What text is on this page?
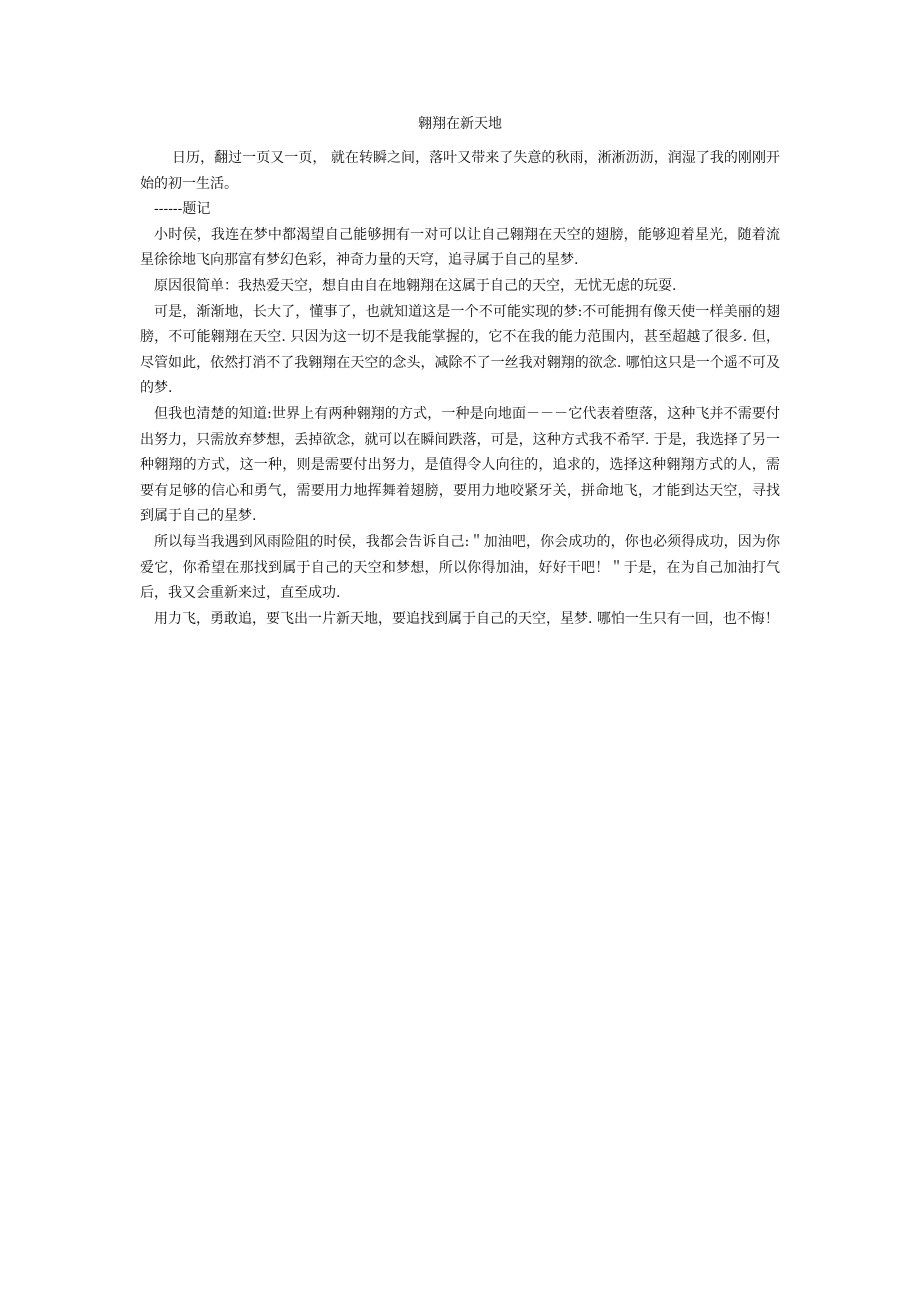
翱翔在新天地

日历，翻过一页又一页， 就在转瞬之间，落叶又带来了失意的秋雨，淅淅沥沥，润湿了我的刚刚开始的初一生活。

------题记

小时侯，我连在梦中都渴望自己能够拥有一对可以让自己翱翔在天空的翅膀，能够迎着星光，随着流星徐徐地飞向那富有梦幻色彩，神奇力量的天穹，追寻属于自己的星梦.

原因很简单：我热爱天空，想自由自在地翱翔在这属于自己的天空，无忧无虑的玩耍.

可是，渐渐地，长大了，懂事了，也就知道这是一个不可能实现的梦:不可能拥有像天使一样美丽的翅膀，不可能翱翔在天空. 只因为这一切不是我能掌握的，它不在我的能力范围内，甚至超越了很多. 但，尽管如此，依然打消不了我翱翔在天空的念头，减除不了一丝我对翱翔的欲念. 哪怕这只是一个遥不可及的梦.

但我也清楚的知道:世界上有两种翱翔的方式，一种是向地面－－－它代表着堕落，这种飞并不需要付出努力，只需放弃梦想，丢掉欲念，就可以在瞬间跌落，可是，这种方式我不希罕. 于是，我选择了另一种翱翔的方式，这一种，则是需要付出努力，是值得令人向往的，追求的，选择这种翱翔方式的人，需要有足够的信心和勇气，需要用力地挥舞着翅膀，要用力地咬紧牙关，拼命地飞，才能到达天空，寻找到属于自己的星梦.

所以每当我遇到风雨险阻的时侯，我都会告诉自己:＂加油吧，你会成功的，你也必须得成功，因为你爱它，你希望在那找到属于自己的天空和梦想，所以你得加油，好好干吧！＂于是，在为自己加油打气后，我又会重新来过，直至成功.

用力飞，勇敢追，要飞出一片新天地，要追找到属于自己的天空，星梦. 哪怕一生只有一回，也不悔！
